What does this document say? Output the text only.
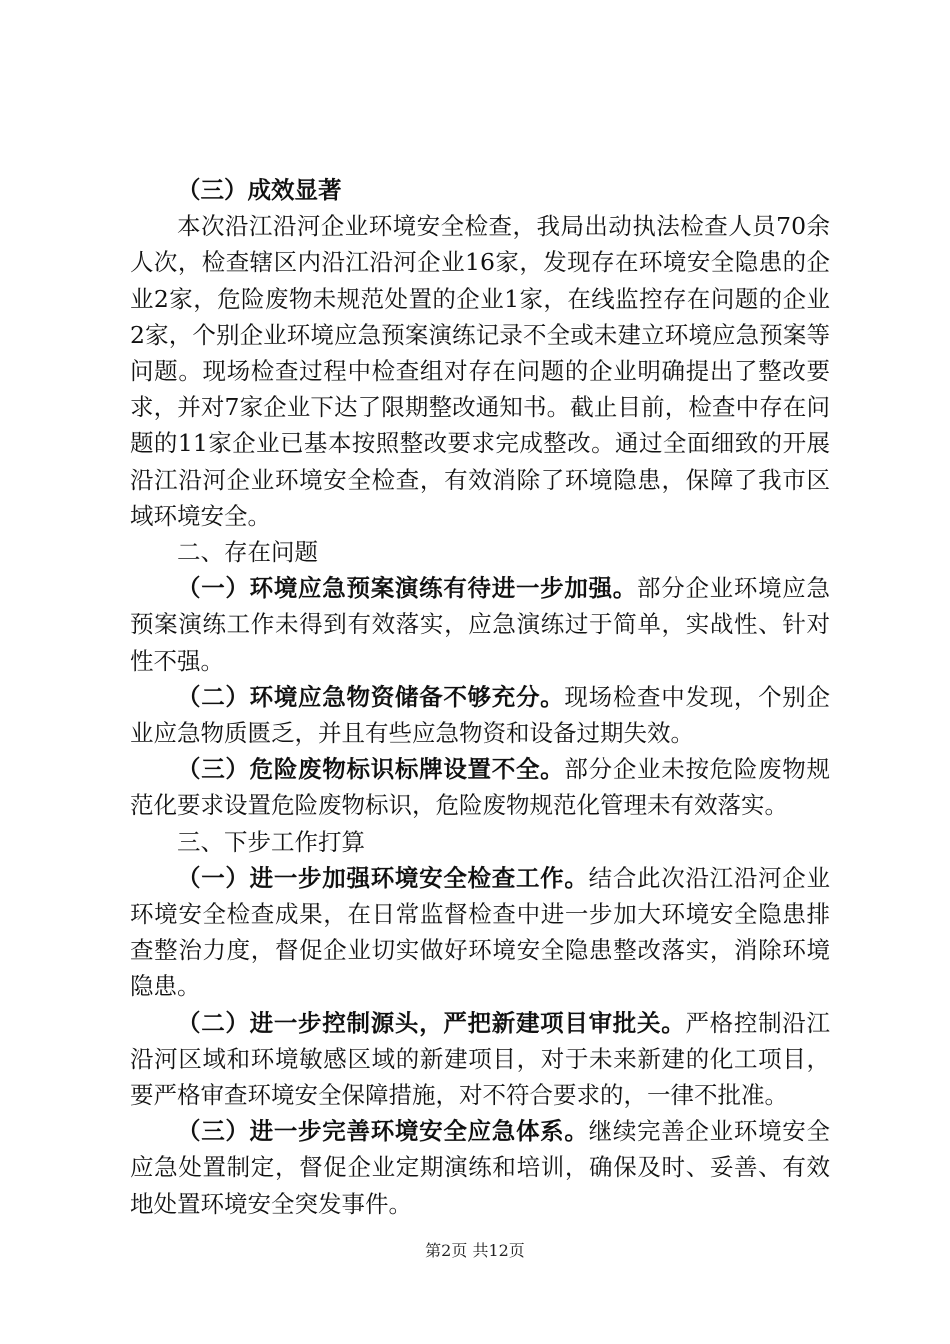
（三）成效显著

本次沿江沿河企业环境安全检查，我局出动执法检查人员70余人次，检查辖区内沿江沿河企业16家，发现存在环境安全隐患的企业2家，危险废物未规范处置的企业1家，在线监控存在问题的企业2家，个别企业环境应急预案演练记录不全或未建立环境应急预案等问题。现场检查过程中检查组对存在问题的企业明确提出了整改要求，并对7家企业下达了限期整改通知书。截止目前，检查中存在问题的11家企业已基本按照整改要求完成整改。通过全面细致的开展沿江沿河企业环境安全检查，有效消除了环境隐患，保障了我市区域环境安全。

二、存在问题

（一）环境应急预案演练有待进一步加强。部分企业环境应急预案演练工作未得到有效落实，应急演练过于简单，实战性、针对性不强。

（二）环境应急物资储备不够充分。现场检查中发现，个别企业应急物质匮乏，并且有些应急物资和设备过期失效。

（三）危险废物标识标牌设置不全。部分企业未按危险废物规范化要求设置危险废物标识，危险废物规范化管理未有效落实。

三、下步工作打算

（一）进一步加强环境安全检查工作。结合此次沿江沿河企业环境安全检查成果，在日常监督检查中进一步加大环境安全隐患排查整治力度，督促企业切实做好环境安全隐患整改落实，消除环境隐患。

（二）进一步控制源头，严把新建项目审批关。严格控制沿江沿河区域和环境敏感区域的新建项目，对于未来新建的化工项目，要严格审查环境安全保障措施，对不符合要求的，一律不批准。

（三）进一步完善环境安全应急体系。继续完善企业环境安全应急处置制定，督促企业定期演练和培训，确保及时、妥善、有效地处置环境安全突发事件。

第2页 共12页
